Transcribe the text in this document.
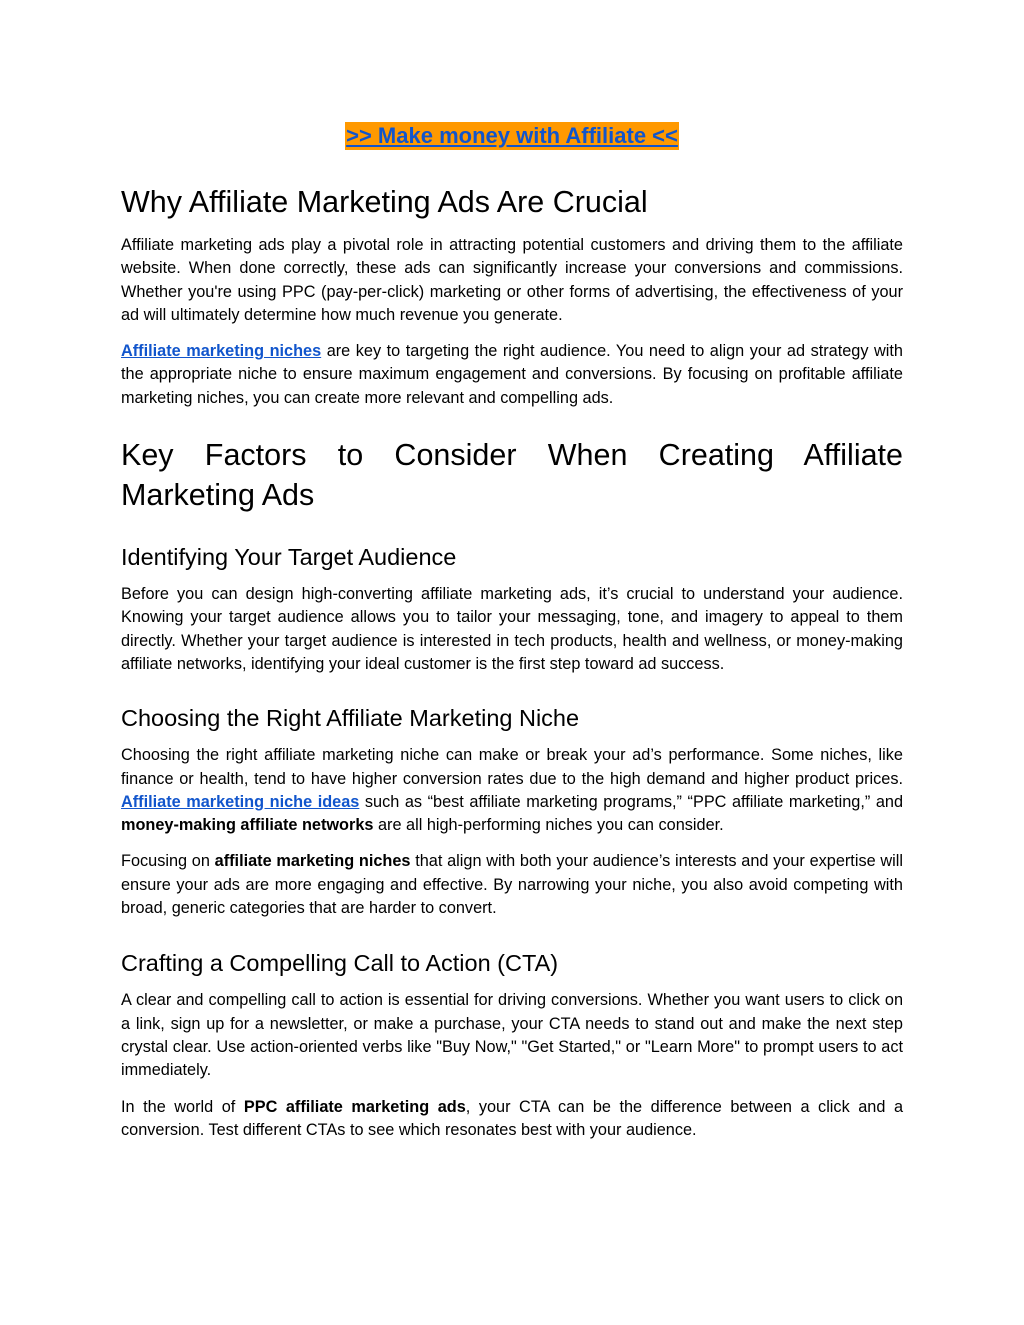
>> Make money with Affiliate <<
Why Affiliate Marketing Ads Are Crucial

Affiliate marketing ads play a pivotal role in attracting potential customers and driving them to the affiliate website. When done correctly, these ads can significantly increase your conversions and commissions. Whether you're using PPC (pay-per-click) marketing or other forms of advertising, the effectiveness of your ad will ultimately determine how much revenue you generate.

Affiliate marketing niches are key to targeting the right audience. You need to align your ad strategy with the appropriate niche to ensure maximum engagement and conversions. By focusing on profitable affiliate marketing niches, you can create more relevant and compelling ads.

Key Factors to Consider When Creating Affiliate Marketing Ads
Identifying Your Target Audience

Before you can design high-converting affiliate marketing ads, it’s crucial to understand your audience. Knowing your target audience allows you to tailor your messaging, tone, and imagery to appeal to them directly. Whether your target audience is interested in tech products, health and wellness, or money-making affiliate networks, identifying your ideal customer is the first step toward ad success.

Choosing the Right Affiliate Marketing Niche

Choosing the right affiliate marketing niche can make or break your ad’s performance. Some niches, like finance or health, tend to have higher conversion rates due to the high demand and higher product prices. Affiliate marketing niche ideas such as “best affiliate marketing programs,” “PPC affiliate marketing,” and money-making affiliate networks are all high-performing niches you can consider.

Focusing on affiliate marketing niches that align with both your audience’s interests and your expertise will ensure your ads are more engaging and effective. By narrowing your niche, you also avoid competing with broad, generic categories that are harder to convert.

Crafting a Compelling Call to Action (CTA)

A clear and compelling call to action is essential for driving conversions. Whether you want users to click on a link, sign up for a newsletter, or make a purchase, your CTA needs to stand out and make the next step crystal clear. Use action-oriented verbs like "Buy Now," "Get Started," or "Learn More" to prompt users to act immediately.

In the world of PPC affiliate marketing ads, your CTA can be the difference between a click and a conversion. Test different CTAs to see which resonates best with your audience.
